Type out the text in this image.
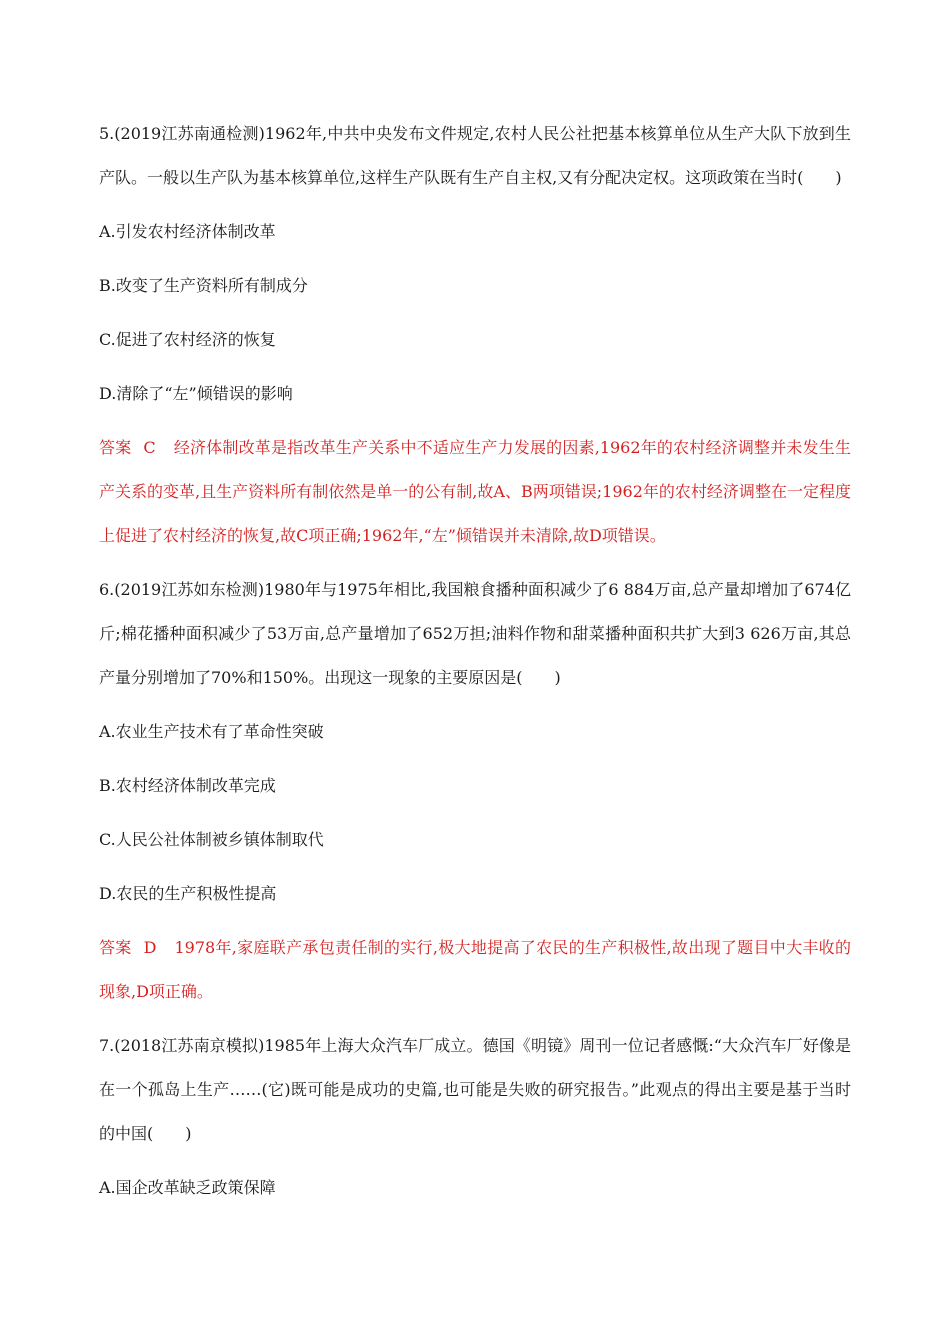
5.(2019江苏南通检测)1962年,中共中央发布文件规定,农村人民公社把基本核算单位从生产大队下放到生产队。一般以生产队为基本核算单位,这样生产队既有生产自主权,又有分配决定权。这项政策在当时(　　)

A.引发农村经济体制改革

B.改变了生产资料所有制成分

C.促进了农村经济的恢复

D.清除了“左”倾错误的影响

答案 C 经济体制改革是指改革生产关系中不适应生产力发展的因素,1962年的农村经济调整并未发生生产关系的变革,且生产资料所有制依然是单一的公有制,故A、B两项错误;1962年的农村经济调整在一定程度上促进了农村经济的恢复,故C项正确;1962年,“左”倾错误并未清除,故D项错误。

6.(2019江苏如东检测)1980年与1975年相比,我国粮食播种面积减少了6 884万亩,总产量却增加了674亿斤;棉花播种面积减少了53万亩,总产量增加了652万担;油料作物和甜菜播种面积共扩大到3 626万亩,其总产量分别增加了70%和150%。出现这一现象的主要原因是(　　)

A.农业生产技术有了革命性突破

B.农村经济体制改革完成

C.人民公社体制被乡镇体制取代

D.农民的生产积极性提高

答案 D 1978年,家庭联产承包责任制的实行,极大地提高了农民的生产积极性,故出现了题目中大丰收的现象,D项正确。

7.(2018江苏南京模拟)1985年上海大众汽车厂成立。德国《明镜》周刊一位记者感慨:“大众汽车厂好像是在一个孤岛上生产……(它)既可能是成功的史篇,也可能是失败的研究报告。”此观点的得出主要是基于当时的中国(　　)

A.国企改革缺乏政策保障
